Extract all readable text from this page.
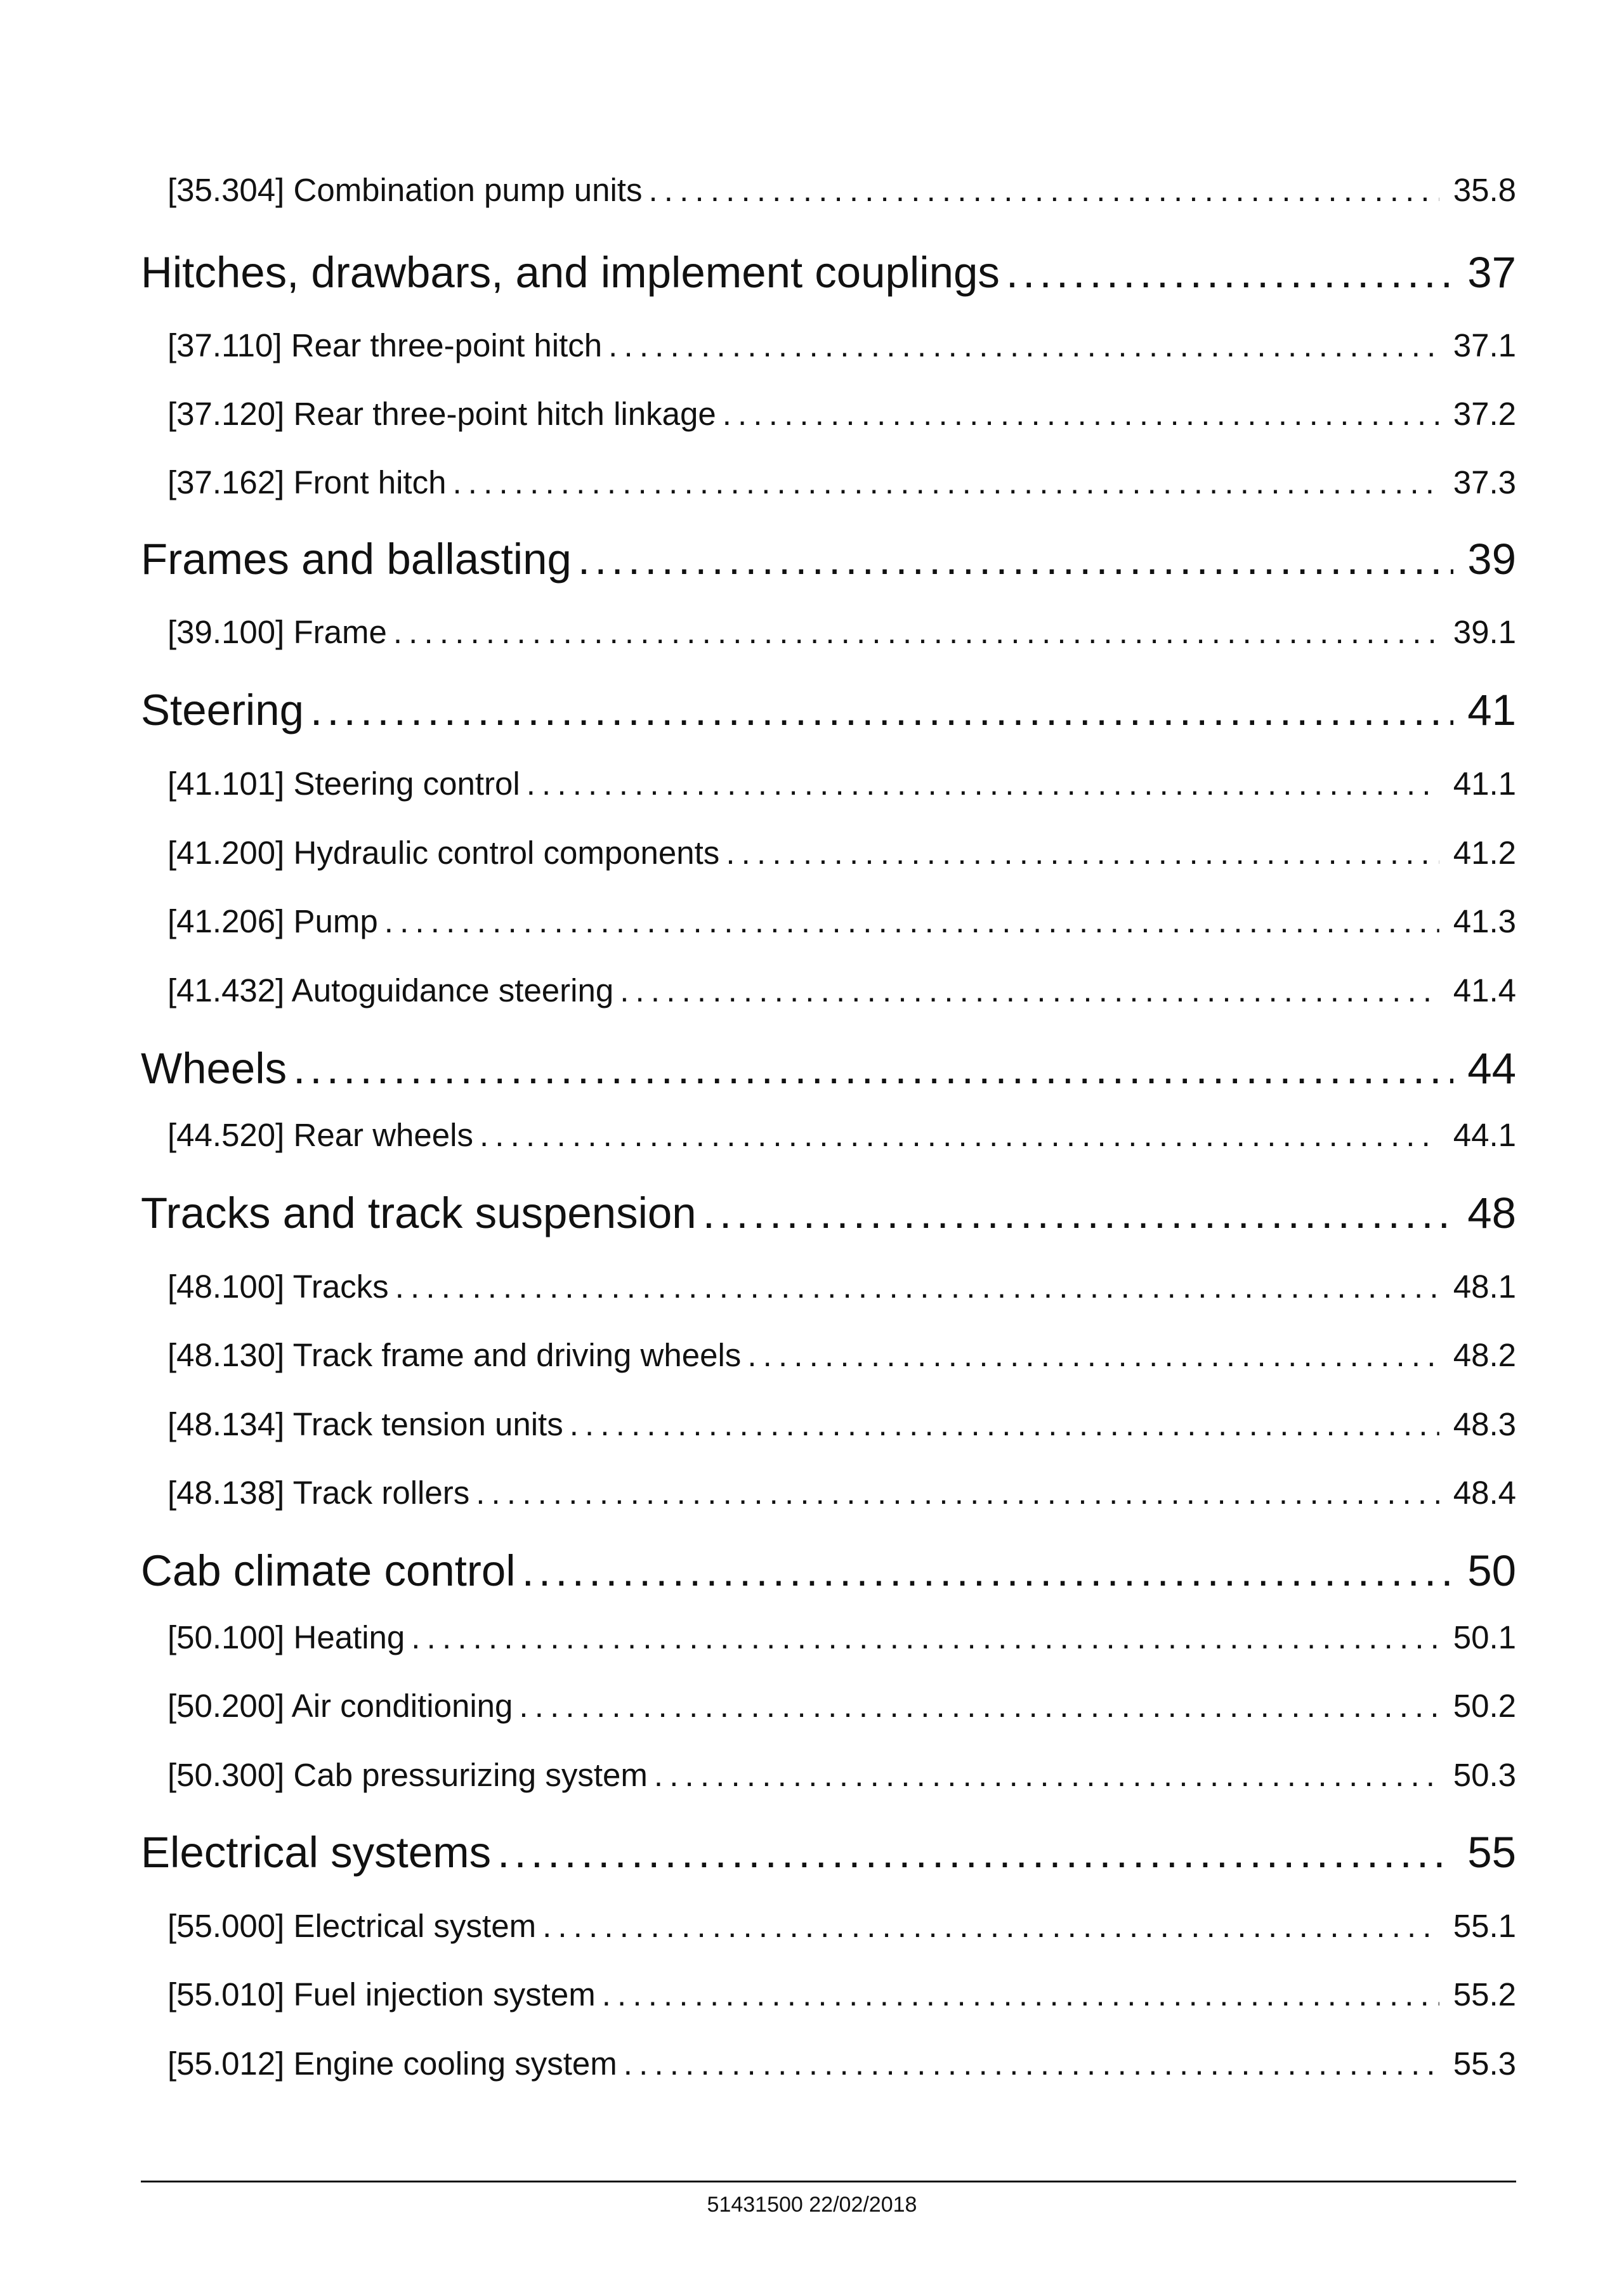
[35.304] Combination pump units . . .	35.8
Hitches, drawbars, and implement couplings . . .	37
[37.110] Rear three-point hitch . . .	37.1
[37.120] Rear three-point hitch linkage . . .	37.2
[37.162] Front hitch . . .	37.3
Frames and ballasting . . .	39
[39.100] Frame . . .	39.1
Steering . . .	41
[41.101] Steering control . . .	41.1
[41.200] Hydraulic control components . . .	41.2
[41.206] Pump . . .	41.3
[41.432] Autoguidance steering . . .	41.4
Wheels . . .	44
[44.520] Rear wheels . . .	44.1
Tracks and track suspension . . .	48
[48.100] Tracks . . .	48.1
[48.130] Track frame and driving wheels . . .	48.2
[48.134] Track tension units . . .	48.3
[48.138] Track rollers . . .	48.4
Cab climate control . . .	50
[50.100] Heating . . .	50.1
[50.200] Air conditioning . . .	50.2
[50.300] Cab pressurizing system . . .	50.3
Electrical systems . . .	55
[55.000] Electrical system . . .	55.1
[55.010] Fuel injection system . . .	55.2
[55.012] Engine cooling system . . .	55.3
51431500 22/02/2018
